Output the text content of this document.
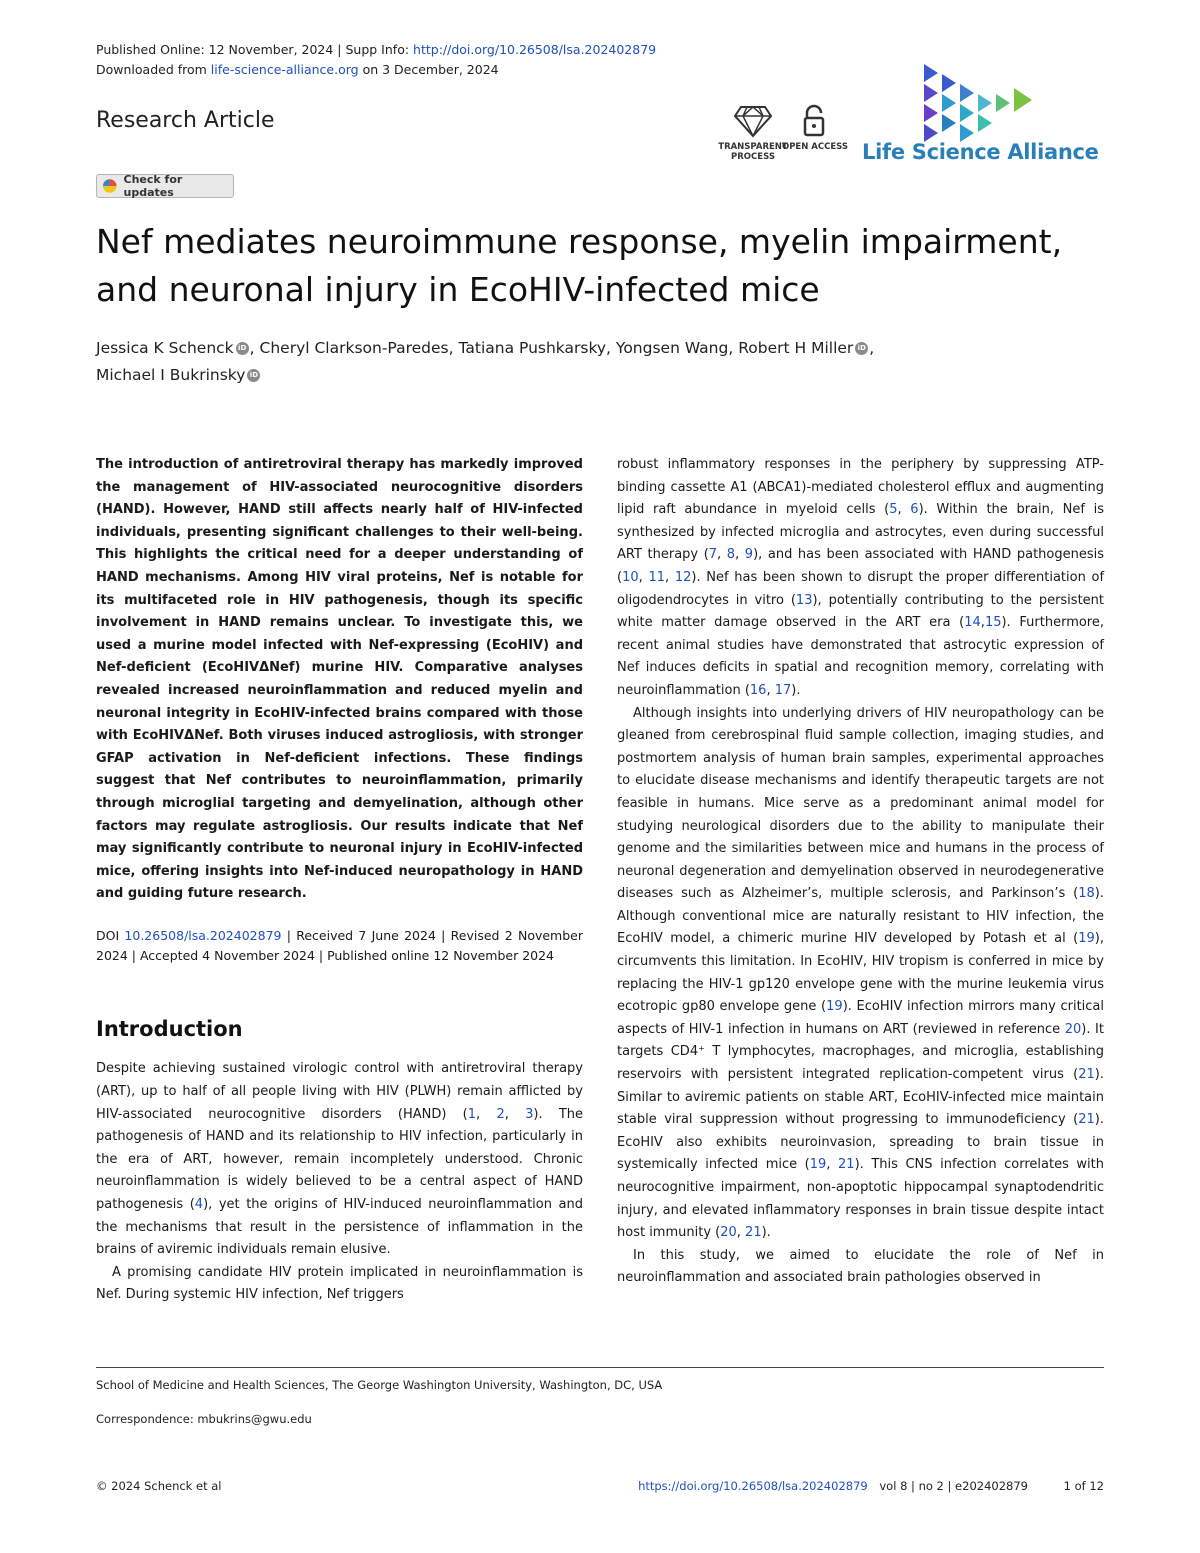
Published Online: 12 November, 2024 | Supp Info: http://doi.org/10.26508/lsa.202402879
Downloaded from life-science-alliance.org on 3 December, 2024
Research Article
Check for updates
TRANSPARENT PROCESS
OPEN ACCESS Life Science Alliance
Nef mediates neuroimmune response, myelin impairment, and neuronal injury in EcoHIV-infected mice
Jessica K Schenck iD , Cheryl Clarkson-Paredes, Tatiana Pushkarsky, Yongsen Wang, Robert H Miller iD ,
Michael I Bukrinsky iD

The introduction of antiretroviral therapy has markedly improved the management of HIV-associated neurocognitive disorders (HAND). However, HAND still affects nearly half of HIV-infected individuals, presenting significant challenges to their well-being. This highlights the critical need for a deeper understanding of HAND mechanisms. Among HIV viral proteins, Nef is notable for its multifaceted role in HIV pathogenesis, though its specific involvement in HAND remains unclear. To investigate this, we used a murine model infected with Nef-expressing (EcoHIV) and Nef-deficient (EcoHIVΔNef) murine HIV. Comparative analyses revealed increased neuroinflammation and reduced myelin and neuronal integrity in EcoHIV-infected brains compared with those with EcoHIVΔNef. Both viruses induced astrogliosis, with stronger GFAP activation in Nef-deficient infections. These findings suggest that Nef contributes to neuroinflammation, primarily through microglial targeting and demyelination, although other factors may regulate astrogliosis. Our results indicate that Nef may significantly contribute to neuronal injury in EcoHIV-infected mice, offering insights into Nef-induced neuropathology in HAND and guiding future research.

DOI 10.26508/lsa.202402879 | Received 7 June 2024 | Revised 2 November 2024 | Accepted 4 November 2024 | Published online 12 November 2024

Introduction

Despite achieving sustained virologic control with antiretroviral therapy (ART), up to half of all people living with HIV (PLWH) remain afflicted by HIV-associated neurocognitive disorders (HAND) (1, 2, 3). The pathogenesis of HAND and its relationship to HIV infection, particularly in the era of ART, however, remain incompletely understood. Chronic neuroinflammation is widely believed to be a central aspect of HAND pathogenesis (4), yet the origins of HIV-induced neuroinflammation and the mechanisms that result in the persistence of inflammation in the brains of aviremic individuals remain elusive.

A promising candidate HIV protein implicated in neuroinflammation is Nef. During systemic HIV infection, Nef triggers

robust inflammatory responses in the periphery by suppressing ATP-binding cassette A1 (ABCA1)-mediated cholesterol efflux and augmenting lipid raft abundance in myeloid cells (5, 6). Within the brain, Nef is synthesized by infected microglia and astrocytes, even during successful ART therapy (7, 8, 9), and has been associated with HAND pathogenesis (10, 11, 12). Nef has been shown to disrupt the proper differentiation of oligodendrocytes in vitro (13), potentially contributing to the persistent white matter damage observed in the ART era (14,15). Furthermore, recent animal studies have demonstrated that astrocytic expression of Nef induces deficits in spatial and recognition memory, correlating with neuroinflammation (16, 17).

Although insights into underlying drivers of HIV neuropathology can be gleaned from cerebrospinal fluid sample collection, imaging studies, and postmortem analysis of human brain samples, experimental approaches to elucidate disease mechanisms and identify therapeutic targets are not feasible in humans. Mice serve as a predominant animal model for studying neurological disorders due to the ability to manipulate their genome and the similarities between mice and humans in the process of neuronal degeneration and demyelination observed in neurodegenerative diseases such as Alzheimer’s, multiple sclerosis, and Parkinson’s (18). Although conventional mice are naturally resistant to HIV infection, the EcoHIV model, a chimeric murine HIV developed by Potash et al (19), circumvents this limitation. In EcoHIV, HIV tropism is conferred in mice by replacing the HIV-1 gp120 envelope gene with the murine leukemia virus ecotropic gp80 envelope gene (19). EcoHIV infection mirrors many critical aspects of HIV-1 infection in humans on ART (reviewed in reference 20). It targets CD4⁺ T lymphocytes, macrophages, and microglia, establishing reservoirs with persistent integrated replication-competent virus (21). Similar to aviremic patients on stable ART, EcoHIV-infected mice maintain stable viral suppression without progressing to immunodeficiency (21). EcoHIV also exhibits neuroinvasion, spreading to brain tissue in systemically infected mice (19, 21). This CNS infection correlates with neurocognitive impairment, non-apoptotic hippocampal synaptodendritic injury, and elevated inflammatory responses in brain tissue despite intact host immunity (20, 21).

In this study, we aimed to elucidate the role of Nef in neuroinflammation and associated brain pathologies observed in

School of Medicine and Health Sciences, The George Washington University, Washington, DC, USA
Correspondence: mbukrins@gwu.edu
© 2024 Schenck et al	https://doi.org/10.26508/lsa.202402879 vol 8 | no 2 | e202402879	1 of 12
